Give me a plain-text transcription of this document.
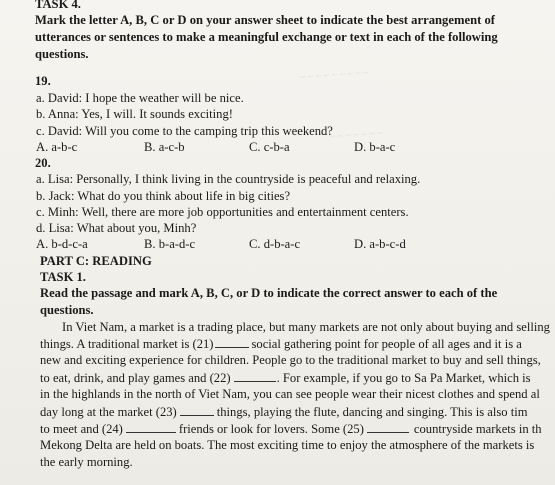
~ ~ ~ ~ ~ ~ ~ ~ ~
~ ~ ~ ~ ~ ~ ~
TASK 4.
Mark the letter A, B, C or D on your answer sheet to indicate the best arrangement of
utterances or sentences to make a meaningful exchange or text in each of the following
questions.
19.
a. David: I hope the weather will be nice.
b. Anna: Yes, I will. It sounds exciting!
c. David: Will you come to the camping trip this weekend?
A. a-b-c	B. a-c-b	C. c-b-a	D. b-a-c
20.
a. Lisa: Personally, I think living in the countryside is peaceful and relaxing.
b. Jack: What do you think about life in big cities?
c. Minh: Well, there are more job opportunities and entertainment centers.
d. Lisa: What about you, Minh?
A. b-d-c-a	B. b-a-d-c	C. d-b-a-c	D. a-b-c-d
PART C: READING
TASK 1.
Read the passage and mark A, B, C, or D to indicate the correct answer to each of the
questions.
In Viet Nam, a market is a trading place, but many markets are not only about buying and selling
things. A traditional market is (21)	social gathering point for people of all ages and it is a
new and exciting experience for children. People go to the traditional market to buy and sell things,
to eat, drink, and play games and (22)	. For example, if you go to Sa Pa Market, which is
in the highlands in the north of Viet Nam, you can see people wear their nicest clothes and spend al
day long at the market (23)	things, playing the flute, dancing and singing. This is also tim
to meet and (24)	friends or look for lovers. Some (25)	countryside markets in th
Mekong Delta are held on boats. The most exciting time to enjoy the atmosphere of the markets is
the early morning.
